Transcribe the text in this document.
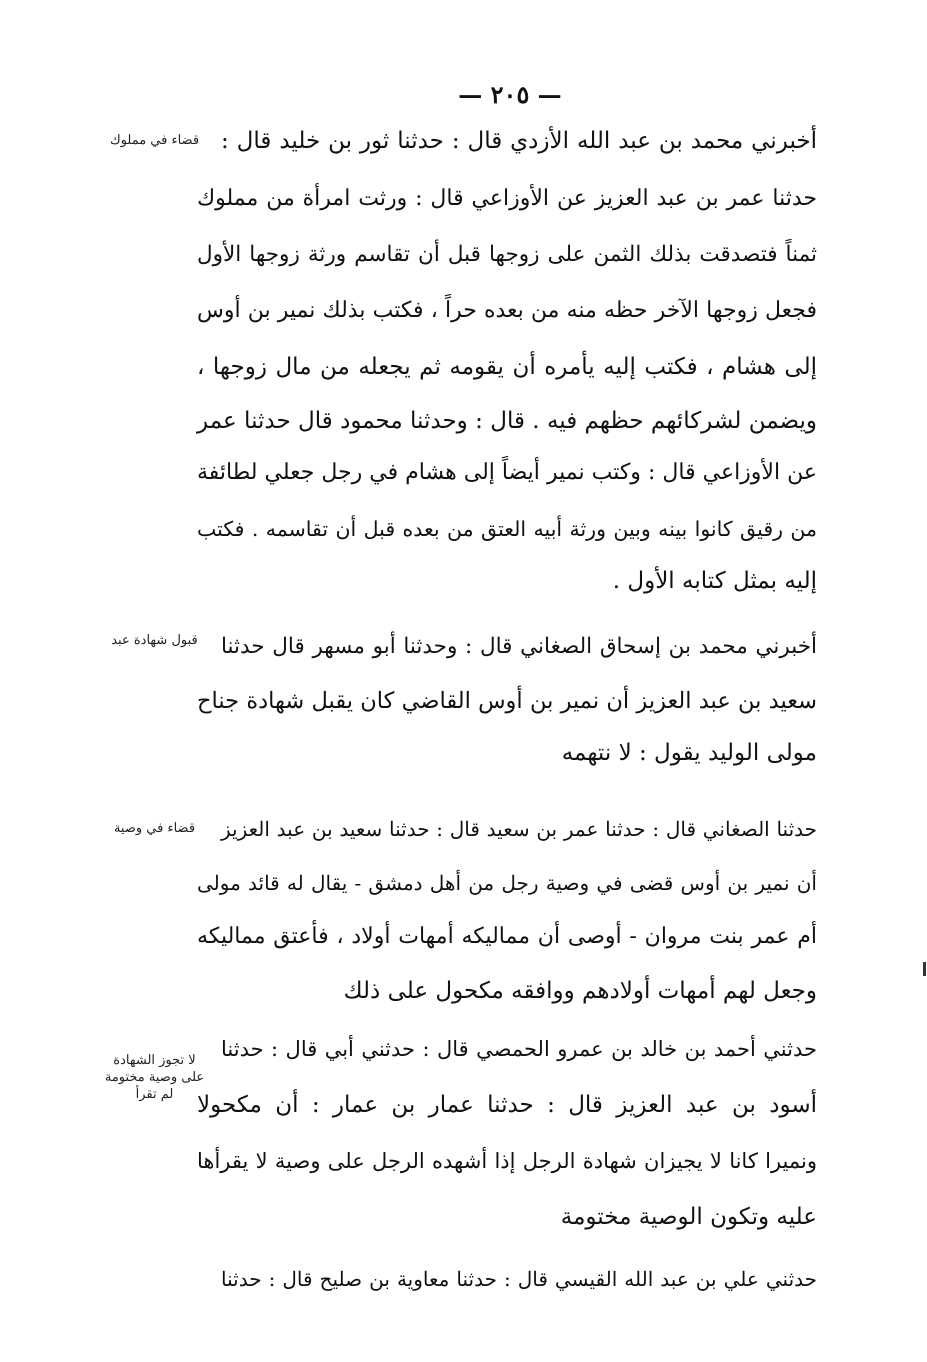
— ٢٠٥ —
قضاء في مملوك
قبول شهادة عبد
قضاء في وصية
لا تجوز الشهادة على وصية مختومة لم تقرأ
أخبرني محمد بن عبد الله الأزدي قال : حدثنا ثور بن خليد قال :
حدثنا عمر بن عبد العزيز عن الأوزاعي قال : ورثت امرأة من مملوك
ثمناً فتصدقت بذلك الثمن على زوجها قبل أن تقاسم ورثة زوجها الأول
فجعل زوجها الآخر حظه منه من بعده حراً ، فكتب بذلك نمير بن أوس
إلى هشام ، فكتب إليه يأمره أن يقومه ثم يجعله من مال زوجها ،
ويضمن لشركائهم حظهم فيه . قال : وحدثنا محمود قال حدثنا عمر
عن الأوزاعي قال : وكتب نمير أيضاً إلى هشام في رجل جعلي لطائفة
من رقيق كانوا بينه وبين ورثة أبيه العتق من بعده قبل أن تقاسمه . فكتب
إليه بمثل كتابه الأول .
أخبرني محمد بن إسحاق الصغاني قال : وحدثنا أبو مسهر قال حدثنا
سعيد بن عبد العزيز أن نمير بن أوس القاضي كان يقبل شهادة جناح
مولى الوليد يقول : لا نتهمه
حدثنا الصغاني قال : حدثنا عمر بن سعيد قال : حدثنا سعيد بن عبد العزيز
أن نمير بن أوس قضى في وصية رجل من أهل دمشق - يقال له قائد مولى
أم عمر بنت مروان - أوصى أن مماليكه أمهات أولاد ، فأعتق مماليكه
وجعل لهم أمهات أولادهم ووافقه مكحول على ذلك
حدثني أحمد بن خالد بن عمرو الحمصي قال : حدثني أبي قال : حدثنا
أسود بن عبد العزيز قال : حدثنا عمار بن عمار : أن مكحولا
ونميرا كانا لا يجيزان شهادة الرجل إذا أشهده الرجل على وصية لا يقرأها
عليه وتكون الوصية مختومة
حدثني علي بن عبد الله القيسي قال : حدثنا معاوية بن صليح قال : حدثنا
